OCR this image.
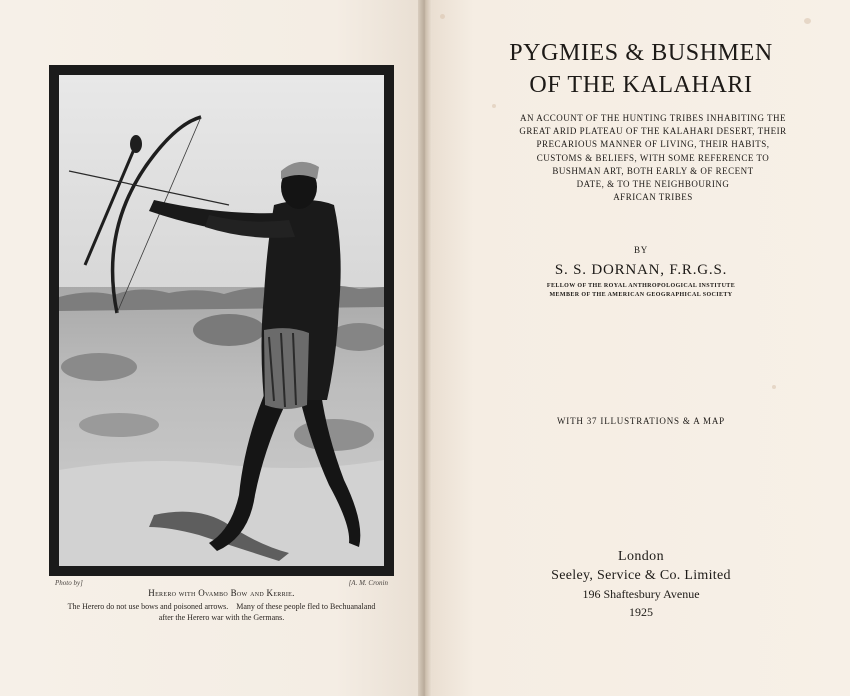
Photo by]	[A. M. Cronin
Herero with Ovambo Bow and Kerrie.
The Herero do not use bows and poisoned arrows.    Many of these people fled to Bechuanaland
after the Herero war with the Germans.
PYGMIES & BUSHMEN
OF THE KALAHARI
AN ACCOUNT OF THE HUNTING TRIBES INHABITING THE
GREAT ARID PLATEAU OF THE KALAHARI DESERT, THEIR
PRECARIOUS MANNER OF LIVING, THEIR HABITS,
CUSTOMS & BELIEFS, WITH SOME REFERENCE TO
BUSHMAN ART, BOTH EARLY & OF RECENT
DATE, & TO THE NEIGHBOURING
AFRICAN TRIBES
BY
S. S. DORNAN, F.R.G.S.
FELLOW OF THE ROYAL ANTHROPOLOGICAL INSTITUTE
MEMBER OF THE AMERICAN GEOGRAPHICAL SOCIETY
WITH 37 ILLUSTRATIONS & A MAP
London
Seeley, Service & Co. Limited
196 Shaftesbury Avenue
1925
